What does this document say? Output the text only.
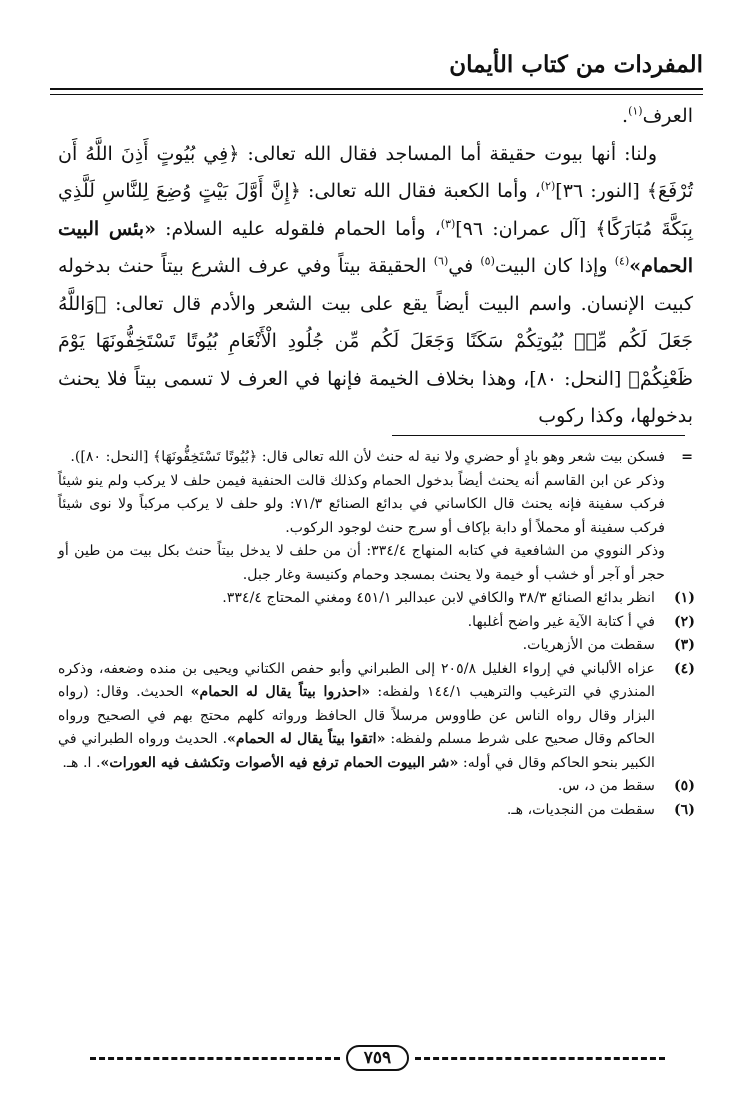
المفردات من كتاب الأيمان

العرف$^{(١)}$.

ولنا: أنها بيوت حقيقة أما المساجد فقال الله تعالى: ﴿فِي بُيُوتٍ أَذِنَ اللَّهُ أَن تُرْفَعَ﴾ [النور: ٣٦]$^{(٢)}$، وأما الكعبة فقال الله تعالى: ﴿إِنَّ أَوَّلَ بَيْتٍ وُضِعَ لِلنَّاسِ لَلَّذِي بِبَكَّةَ مُبَارَكًا﴾ [آل عمران: ٩٦]$^{(٣)}$، وأما الحمام فلقوله عليه السلام: «بئس البيت الحمام»$^{(٤)}$ وإذا كان البيت$^{(٥)}$ في$^{(٦)}$ الحقيقة بيتاً وفي عرف الشرع بيتاً حنث بدخوله كبيت الإنسان. واسم البيت أيضاً يقع على بيت الشعر والأدم قال تعالى: ﴿وَاللَّهُ جَعَلَ لَكُم مِّنۢ بُيُوتِكُمْ سَكَنًا وَجَعَلَ لَكُم مِّن جُلُودِ الْأَنْعَامِ بُيُوتًا تَسْتَخِفُّونَهَا يَوْمَ ظَعْنِكُمْ﴾ [النحل: ٨٠]، وهذا بخلاف الخيمة فإنها في العرف لا تسمى بيتاً فلا يحنث بدخولها، وكذا ركوب

=

فسكن بيت شعر وهو بادٍ أو حضري ولا نية له حنث لأن الله تعالى قال: ﴿بُيُوتًا تَسْتَخِفُّونَهَا﴾ [النحل: ٨٠]).

وذكر عن ابن القاسم أنه يحنث أيضاً بدخول الحمام وكذلك قالت الحنفية فيمن حلف لا يركب ولم ينو شيئاً فركب سفينة فإنه يحنث قال الكاساني في بدائع الصنائع ٧١/٣: ولو حلف لا يركب مركباً ولا نوى شيئاً فركب سفينة أو محملاً أو دابة بإكاف أو سرج حنث لوجود الركوب.

وذكر النووي من الشافعية في كتابه المنهاج ٣٣٤/٤: أن من حلف لا يدخل بيتاً حنث بكل بيت من طين أو حجر أو آجر أو خشب أو خيمة ولا يحنث بمسجد وحمام وكنيسة وغار جبل.

(١)
انظر بدائع الصنائع ٣٨/٣ والكافي لابن عبدالبر ٤٥١/١ ومغني المحتاج ٣٣٤/٤.

(٢)
في أ كتابة الآية غير واضح أغلبها.

(٣)
سقطت من الأزهريات.

(٤)
عزاه الألباني في إرواء الغليل ٢٠٥/٨ إلى الطبراني وأبو حفص الكتاني ويحيى بن منده وضعفه، وذكره المنذري في الترغيب والترهيب ١٤٤/١ ولفظه: «احذروا بيتاً يقال له الحمام» الحديث. وقال: (رواه البزار وقال رواه الناس عن طاووس مرسلاً قال الحافظ ورواته كلهم محتج بهم في الصحيح ورواه الحاكم وقال صحيح على شرط مسلم ولفظه: «اتقوا بيتاً يقال له الحمام». الحديث ورواه الطبراني في الكبير بنحو الحاكم وقال في أوله: «شر البيوت الحمام ترفع فيه الأصوات وتكشف فيه العورات». ا. هـ.

(٥)
سقط من د، س.

(٦)
سقطت من النجديات، هـ.

٧٥٩
